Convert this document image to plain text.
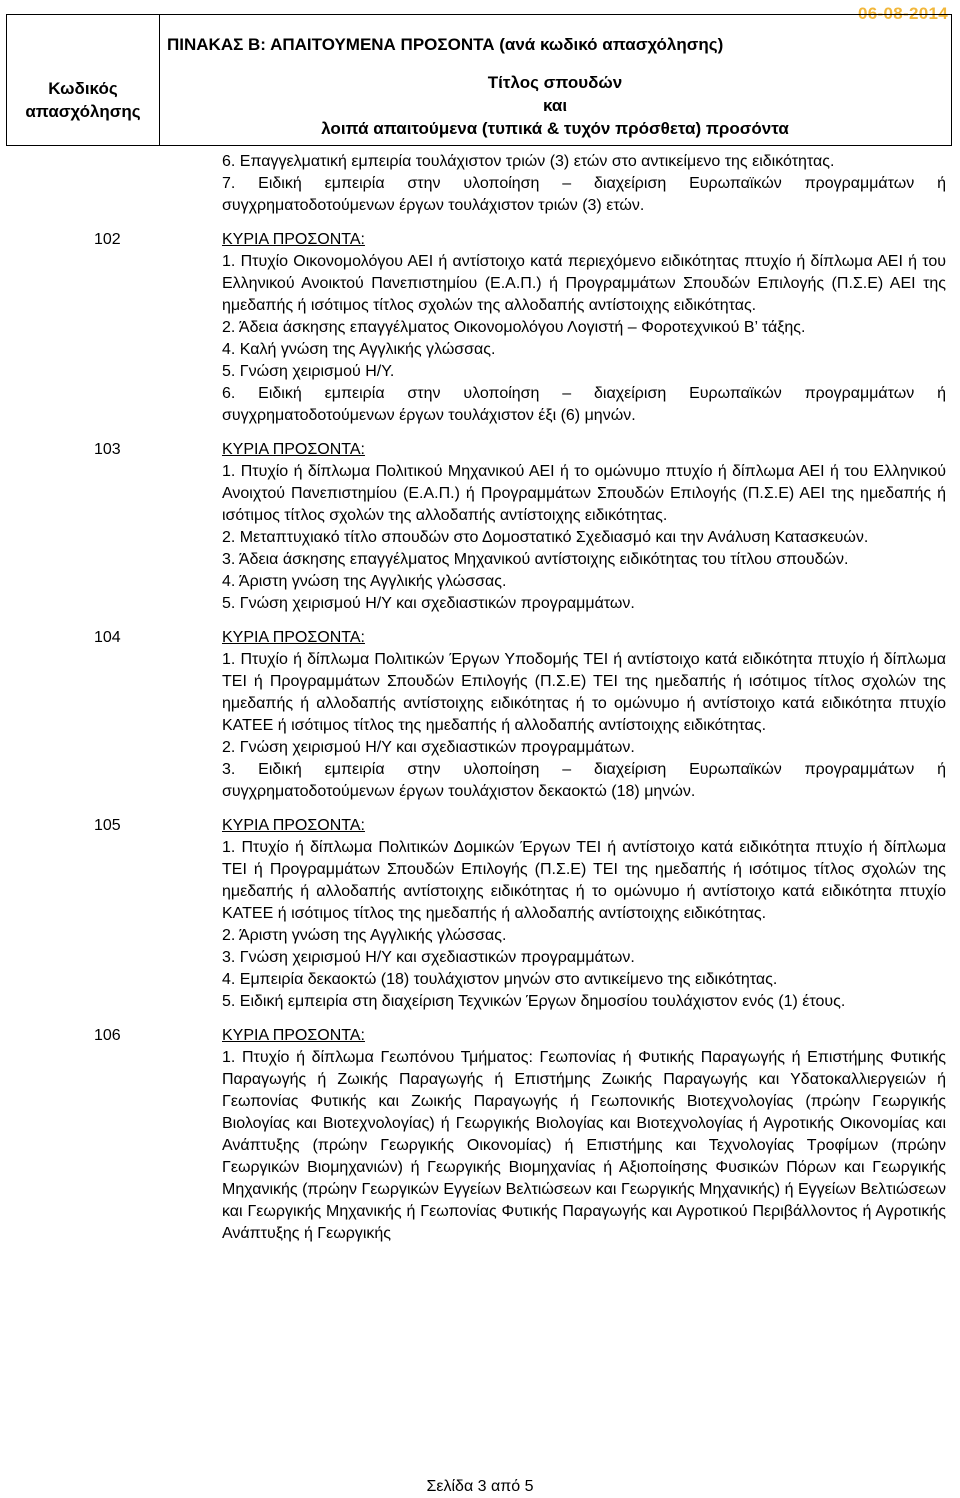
06-08-2014
Κωδικός
απασχόλησης
ΠΙΝΑΚΑΣ Β: ΑΠΑΙΤΟΥΜΕΝΑ ΠΡΟΣΟΝΤΑ (ανά κωδικό απασχόλησης)
Τίτλος σπουδών
και
λοιπά απαιτούμενα (τυπικά & τυχόν πρόσθετα) προσόντα
6. Επαγγελματική εμπειρία τουλάχιστον τριών (3) ετών στο αντικείμενο της ειδικότητας.
7. Ειδική εμπειρία στην υλοποίηση – διαχείριση Ευρωπαϊκών προγραμμάτων ή συγχρηματοδοτούμενων έργων τουλάχιστον τριών (3) ετών.
102	ΚΥΡΙΑ ΠΡΟΣΟΝΤΑ:
1. Πτυχίο Οικονομολόγου ΑΕΙ ή αντίστοιχο κατά περιεχόμενο ειδικότητας πτυχίο ή δίπλωμα ΑΕΙ ή του Ελληνικού Ανοικτού Πανεπιστημίου (Ε.Α.Π.) ή Προγραμμάτων Σπουδών Επιλογής (Π.Σ.Ε) ΑΕΙ της ημεδαπής ή ισότιμος τίτλος σχολών της αλλοδαπής αντίστοιχης ειδικότητας.
2. Άδεια άσκησης επαγγέλματος Οικονομολόγου Λογιστή – Φοροτεχνικού Β’ τάξης.
4. Καλή γνώση της Αγγλικής γλώσσας.
5. Γνώση χειρισμού Η/Υ.
6. Ειδική εμπειρία στην υλοποίηση – διαχείριση Ευρωπαϊκών προγραμμάτων ή συγχρηματοδοτούμενων έργων τουλάχιστον έξι (6) μηνών.
103	ΚΥΡΙΑ ΠΡΟΣΟΝΤΑ:
1. Πτυχίο ή δίπλωμα Πολιτικού Μηχανικού ΑΕΙ ή το ομώνυμο πτυχίο ή δίπλωμα ΑΕΙ ή του Ελληνικού Ανοιχτού Πανεπιστημίου (Ε.Α.Π.) ή Προγραμμάτων Σπουδών Επιλογής (Π.Σ.Ε) ΑΕΙ της ημεδαπής ή ισότιμος τίτλος σχολών της αλλοδαπής αντίστοιχης ειδικότητας.
2. Μεταπτυχιακό τίτλο σπουδών στο Δομοστατικό Σχεδιασμό και την Ανάλυση Κατασκευών.
3. Άδεια άσκησης επαγγέλματος Μηχανικού αντίστοιχης ειδικότητας του τίτλου σπουδών.
4. Άριστη γνώση της Αγγλικής γλώσσας.
5. Γνώση χειρισμού Η/Υ και σχεδιαστικών προγραμμάτων.
104	ΚΥΡΙΑ ΠΡΟΣΟΝΤΑ:
1. Πτυχίο ή δίπλωμα Πολιτικών Έργων Υποδομής ΤΕΙ ή αντίστοιχο κατά ειδικότητα πτυχίο ή δίπλωμα ΤΕΙ ή Προγραμμάτων Σπουδών Επιλογής (Π.Σ.Ε) ΤΕΙ της ημεδαπής ή ισότιμος τίτλος σχολών της ημεδαπής ή αλλοδαπής αντίστοιχης ειδικότητας ή το ομώνυμο ή αντίστοιχο κατά ειδικότητα πτυχίο ΚΑΤΕΕ ή ισότιμος τίτλος της ημεδαπής ή αλλοδαπής αντίστοιχης ειδικότητας.
2. Γνώση χειρισμού Η/Υ και σχεδιαστικών προγραμμάτων.
3. Ειδική εμπειρία στην υλοποίηση – διαχείριση Ευρωπαϊκών προγραμμάτων ή συγχρηματοδοτούμενων έργων τουλάχιστον δεκαοκτώ (18) μηνών.
105	ΚΥΡΙΑ ΠΡΟΣΟΝΤΑ:
1. Πτυχίο ή δίπλωμα Πολιτικών Δομικών Έργων ΤΕΙ ή αντίστοιχο κατά ειδικότητα πτυχίο ή δίπλωμα ΤΕΙ ή Προγραμμάτων Σπουδών Επιλογής (Π.Σ.Ε) ΤΕΙ της ημεδαπής ή ισότιμος τίτλος σχολών της ημεδαπής ή αλλοδαπής αντίστοιχης ειδικότητας ή το ομώνυμο ή αντίστοιχο κατά ειδικότητα πτυχίο ΚΑΤΕΕ ή ισότιμος τίτλος της ημεδαπής ή αλλοδαπής αντίστοιχης ειδικότητας.
2. Άριστη γνώση της Αγγλικής γλώσσας.
3. Γνώση χειρισμού Η/Υ και σχεδιαστικών προγραμμάτων.
4. Εμπειρία δεκαοκτώ (18) τουλάχιστον μηνών στο αντικείμενο της ειδικότητας.
5. Ειδική εμπειρία στη διαχείριση Τεχνικών Έργων δημοσίου τουλάχιστον ενός (1) έτους.
106	ΚΥΡΙΑ ΠΡΟΣΟΝΤΑ:
1. Πτυχίο ή δίπλωμα Γεωπόνου Τμήματος: Γεωπονίας ή Φυτικής Παραγωγής ή Επιστήμης Φυτικής Παραγωγής ή Ζωικής Παραγωγής ή Επιστήμης Ζωικής Παραγωγής και Υδατοκαλλιεργειών ή Γεωπονίας Φυτικής και Ζωικής Παραγωγής ή Γεωπονικής Βιοτεχνολογίας (πρώην Γεωργικής Βιολογίας και Βιοτεχνολογίας) ή Γεωργικής Βιολογίας και Βιοτεχνολογίας ή Αγροτικής Οικονομίας και Ανάπτυξης (πρώην Γεωργικής Οικονομίας) ή Επιστήμης και Τεχνολογίας Τροφίμων (πρώην Γεωργικών Βιομηχανιών) ή Γεωργικής Βιομηχανίας ή Αξιοποίησης Φυσικών Πόρων και Γεωργικής Μηχανικής (πρώην Γεωργικών Εγγείων Βελτιώσεων και Γεωργικής Μηχανικής) ή Εγγείων Βελτιώσεων και Γεωργικής Μηχανικής ή Γεωπονίας Φυτικής Παραγωγής και Αγροτικού Περιβάλλοντος ή Αγροτικής Ανάπτυξης ή Γεωργικής
Σελίδα 3 από 5
